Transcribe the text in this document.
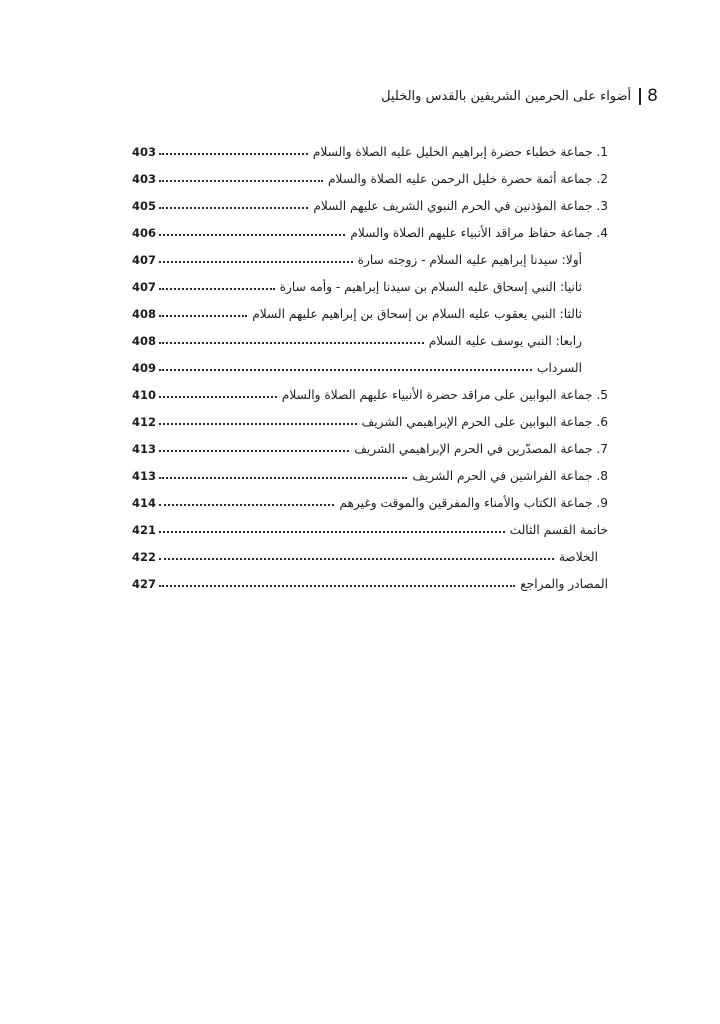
8
أضواء على الحرمين الشريفين بالقدس والخليل
1. جماعة خطباء حضرة إبراهيم الخليل عليه الصلاة والسلام
403
2. جماعة أئمة حضرة خليل الرحمن عليه الصلاة والسلام
403
3. جماعة المؤذنين في الحرم النبوي الشريف عليهم السلام
405
4. جماعة حفاظ مراقد الأنبياء عليهم الصلاة والسلام
406
أولا: سيدنا إبراهيم عليه السلام - زوجته سارة
407
ثانيا: النبي إسحاق عليه السلام بن سيدنا إبراهيم - وأمه سارة
407
ثالثا: النبي يعقوب عليه السلام بن إسحاق بن إبراهيم عليهم السلام
408
رابعا: النبي يوسف عليه السلام
408
السرداب
409
5. جماعة البوابين على مراقد حضرة الأنبياء عليهم الصلاة والسلام
410
6. جماعة البوابين على الحرم الإبراهيمي الشريف
412
7. جماعة المصدّرين في الحرم الإبراهيمي الشريف
413
8. جماعة الفراشين في الحرم الشريف
413
9. جماعة الكتاب والأمناء والمفرقين والموقت وغيرهم
414
خاتمة القسم الثالث
421
الخلاصة
422
المصادر والمراجع
427
